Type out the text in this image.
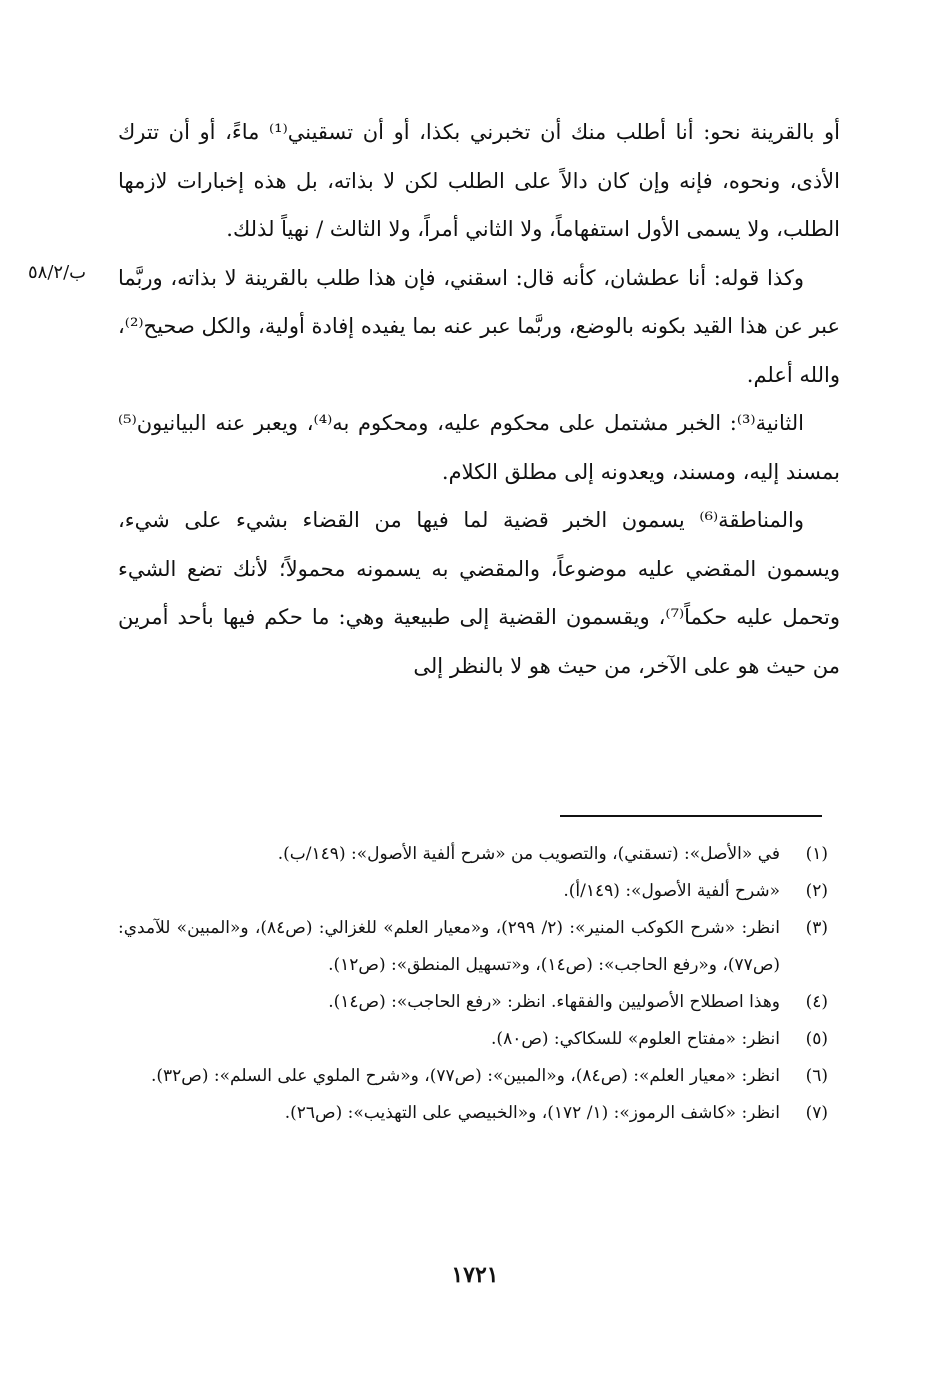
ب/٥٨/٢

أو بالقرينة نحو: أنا أطلب منك أن تخبرني بكذا، أو أن تسقيني⁽¹⁾ ماءً، أو أن تترك الأذى، ونحوه، فإنه وإن كان دالاً على الطلب لكن لا بذاته، بل هذه إخبارات لازمها الطلب، ولا يسمى الأول استفهاماً، ولا الثاني أمراً، ولا الثالث / نهياً لذلك.

وكذا قوله: أنا عطشان، كأنه قال: اسقني، فإن هذا طلب بالقرينة لا بذاته، وربَّما عبر عن هذا القيد بكونه بالوضع، وربَّما عبر عنه بما يفيده إفادة أولية، والكل صحيح⁽²⁾، والله أعلم.

الثانية⁽³⁾: الخبر مشتمل على محكوم عليه، ومحكوم به⁽⁴⁾، ويعبر عنه البيانيون⁽⁵⁾ بمسند إليه، ومسند، ويعدونه إلى مطلق الكلام.

والمناطقة⁽⁶⁾ يسمون الخبر قضية لما فيها من القضاء بشيء على شيء، ويسمون المقضي عليه موضوعاً، والمقضي به يسمونه محمولاً؛ لأنك تضع الشيء وتحمل عليه حكماً⁽⁷⁾، ويقسمون القضية إلى طبيعية وهي: ما حكم فيها بأحد أمرين من حيث هو على الآخر، من حيث هو لا بالنظر إلى

(١)
في «الأصل»: (تسقني)، والتصويب من «شرح ألفية الأصول»: (١٤٩/ب).
(٢)
«شرح ألفية الأصول»: (١٤٩/أ).
(٣)
انظر: «شرح الكوكب المنير»: (٢/ ٢٩٩)، و«معيار العلم» للغزالي: (ص٨٤)، و«المبين» للآمدي: (ص٧٧)، و«رفع الحاجب»: (ص١٤)، و«تسهيل المنطق»: (ص١٢).
(٤)
وهذا اصطلاح الأصوليين والفقهاء. انظر: «رفع الحاجب»: (ص١٤).
(٥)
انظر: «مفتاح العلوم» للسكاكي: (ص٨٠).
(٦)
انظر: «معيار العلم»: (ص٨٤)، و«المبين»: (ص٧٧)، و«شرح الملوي على السلم»: (ص٣٢).
(٧)
انظر: «كاشف الرموز»: (١/ ١٧٢)، و«الخبيصي على التهذيب»: (ص٢٦).
١٧٢١
